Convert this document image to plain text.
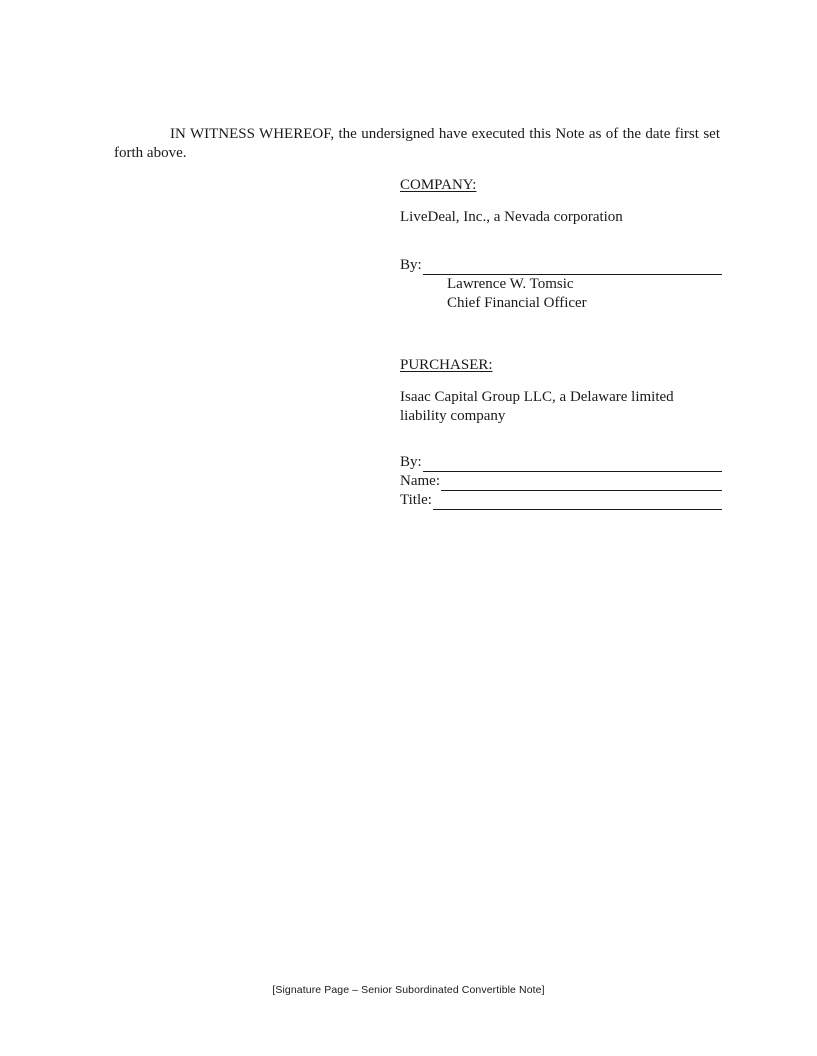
IN WITNESS WHEREOF, the undersigned have executed this Note as of the date first set forth above.

COMPANY:
LiveDeal, Inc., a Nevada corporation
By:
Lawrence W. Tomsic
Chief Financial Officer
PURCHASER:
Isaac Capital Group LLC, a Delaware limited
liability company
By:
Name:
Title:
[Signature Page – Senior Subordinated Convertible Note]
